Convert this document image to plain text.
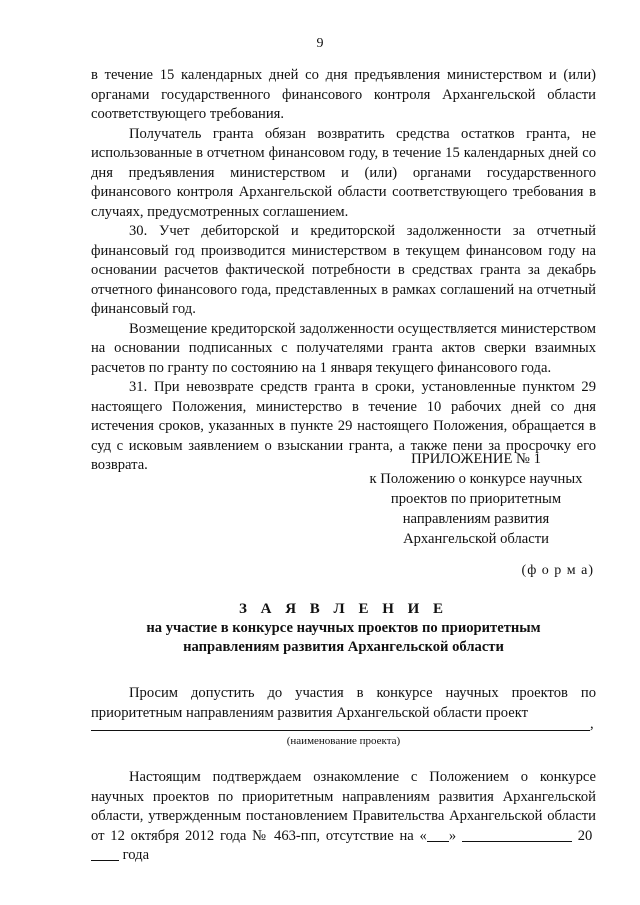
9

в течение 15 календарных дней со дня предъявления министерством и (или) органами государственного финансового контроля Архангельской области соответствующего требования.

Получатель гранта обязан возвратить средства остатков гранта, не использованные в отчетном финансовом году, в течение 15 календарных дней со дня предъявления министерством и (или) органами государственного финансового контроля Архангельской области соответствующего требования в случаях, предусмотренных соглашением.

30. Учет дебиторской и кредиторской задолженности за отчетный финансовый год производится министерством в текущем финансовом году на основании расчетов фактической потребности в средствах гранта за декабрь отчетного финансового года, представленных в рамках соглашений на отчетный финансовый год.

Возмещение кредиторской задолженности осуществляется министерством на основании подписанных с получателями гранта актов сверки взаимных расчетов по гранту по состоянию на 1 января текущего финансового года.

31. При невозврате средств гранта в сроки, установленные пунктом 29 настоящего Положения, министерство в течение 10 рабочих дней со дня истечения сроков, указанных в пункте 29 настоящего Положения, обращается в суд с исковым заявлением о взыскании гранта, а также пени за просрочку его возврата.	ПРИЛОЖЕНИЕ № 1
к Положению о конкурсе научных
проектов по приоритетным
направлениям развития
Архангельской области
(ф о р м а)
З А Я В Л Е Н И Е
на участие в конкурсе научных проектов по приоритетным
направлениям развития Архангельской области

Просим допустить до участия в конкурсе научных проектов по приоритетным направлениям развития Архангельской области проект

,
(наименование проекта)

Настоящим подтверждаем ознакомление с Положением о конкурсе научных проектов по приоритетным направлениям развития Архангельской области, утвержденным постановлением Правительства Архангельской области от 12 октября 2012 года № 463-пп, отсутствие на « »	20  года
